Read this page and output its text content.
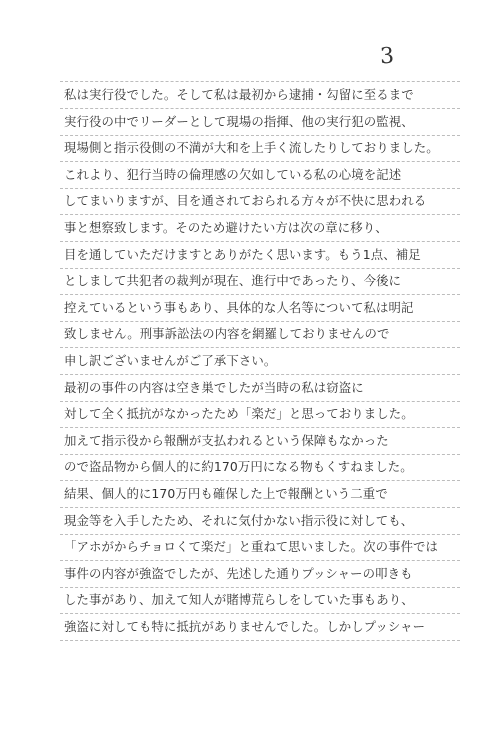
3
私は実行役でした。そして私は最初から逮捕・勾留に至るまで
実行役の中でリーダーとして現場の指揮、他の実行犯の監視、
現場側と指示役側の不満が大和を上手く流したりしておりました。
これより、犯行当時の倫理感の欠如している私の心境を記述
してまいりますが、目を通されておられる方々が不快に思われる
事と想察致します。そのため避けたい方は次の章に移り、
目を通していただけますとありがたく思います。もう1点、補足
としまして共犯者の裁判が現在、進行中であったり、今後に
控えているという事もあり、具体的な人名等について私は明記
致しません。刑事訴訟法の内容を網羅しておりませんので
申し訳ございませんがご了承下さい。
最初の事件の内容は空き巣でしたが当時の私は窃盗に
対して全く抵抗がなかったため「楽だ」と思っておりました。
加えて指示役から報酬が支払われるという保障もなかった
ので盗品物から個人的に約170万円になる物もくすねました。
結果、個人的に170万円も確保した上で報酬という二重で
現金等を入手したため、それに気付かない指示役に対しても、
「アホがからチョロくて楽だ」と重ねて思いました。次の事件では
事件の内容が強盗でしたが、先述した通りプッシャーの叩きも
した事があり、加えて知人が賭博荒らしをしていた事もあり、
強盗に対しても特に抵抗がありませんでした。しかしプッシャー
